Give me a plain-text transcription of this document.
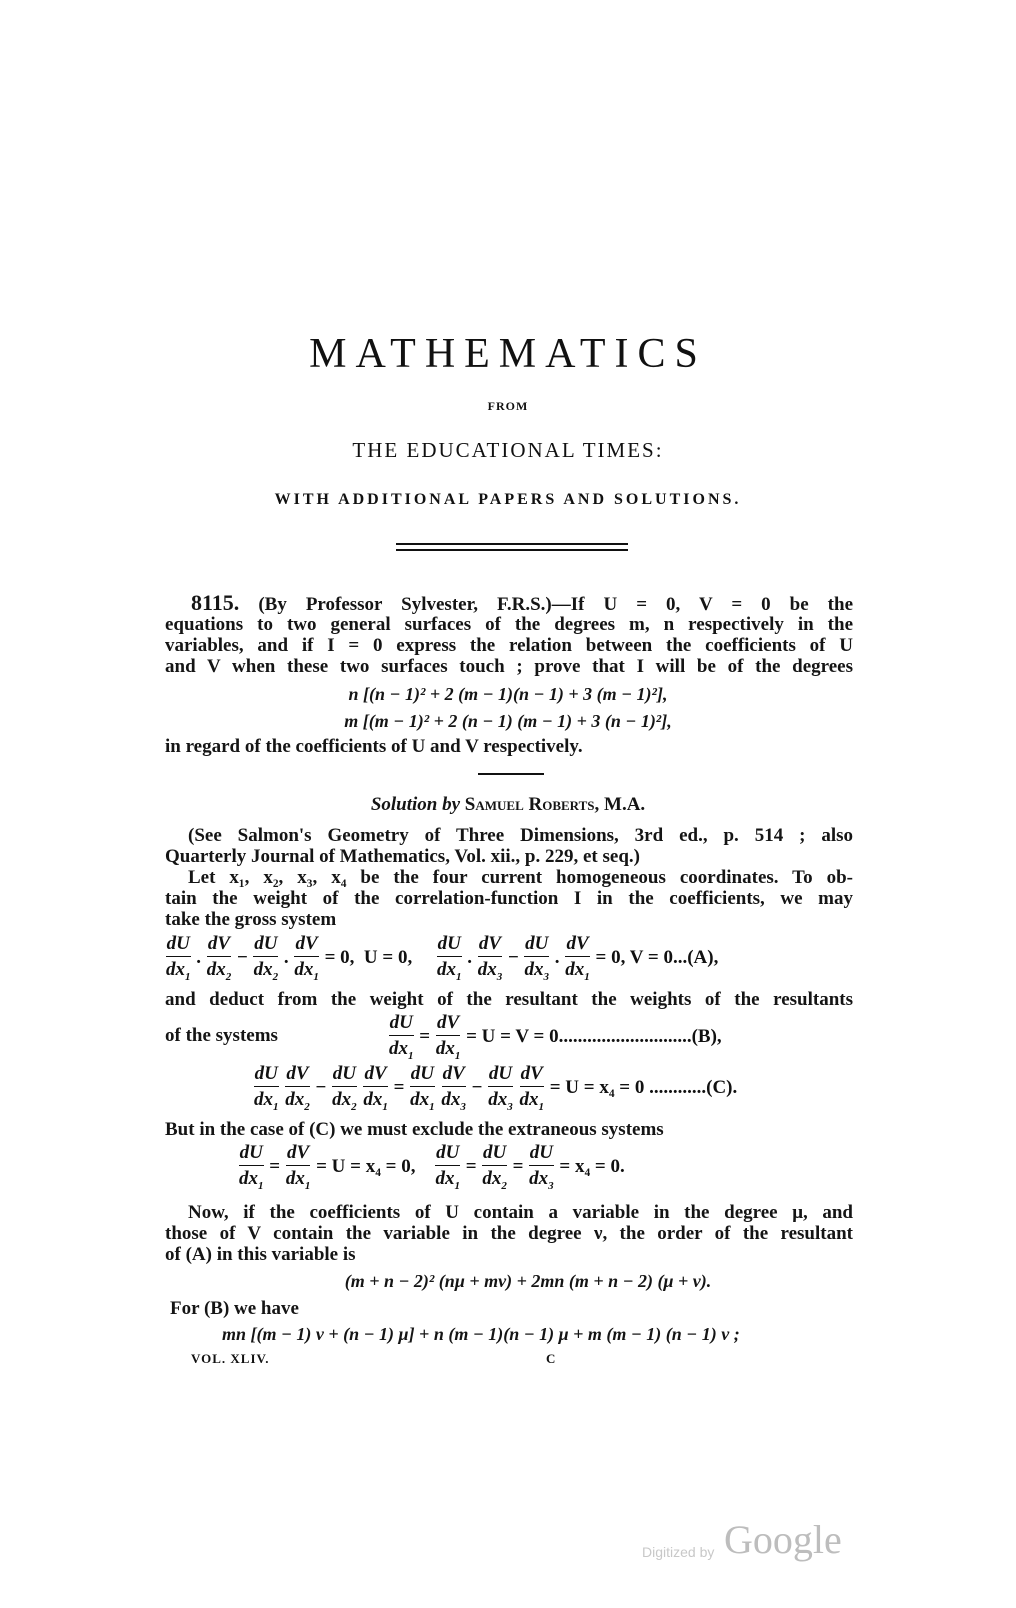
MATHEMATICS
FROM
THE EDUCATIONAL TIMES:
WITH ADDITIONAL PAPERS AND SOLUTIONS.
8115. (By Professor Sylvester, F.R.S.)—If U = 0, V = 0 be the
equations to two general surfaces of the degrees m, n respectively in the
variables, and if I = 0 express the relation between the coefficients of U
and V when these two surfaces touch ; prove that I will be of the degrees
n [(n − 1)² + 2 (m − 1)(n − 1) + 3 (m − 1)²],
m [(m − 1)² + 2 (n − 1) (m − 1) + 3 (n − 1)²],
in regard of the coefficients of U and V respectively.
Solution by Samuel Roberts, M.A.
(See Salmon's Geometry of Three Dimensions, 3rd ed., p. 514 ; also
Quarterly Journal of Mathematics, Vol. xii., p. 229, et seq.)
Let x₁, x₂, x₃, x₄ be the four current homogeneous coordinates. To ob-
tain the weight of the correlation-function I in the coefficients, we may
take the gross system
$\frac{dU}{dx_1}$ . $\frac{dV}{dx_2} - \frac{dU}{dx_2}$ . $\frac{dV}{dx_1} = 0$,  U = 0, $\frac{dU}{dx_1}$ . $\frac{dV}{dx_3} - \frac{dU}{dx_3}$ . $\frac{dV}{dx_1} = 0$, V = 0...(A),
and deduct from the weight of the resultant the weights of the resultants
of the systems	$\frac{dU}{dx_1} = \frac{dV}{dx_1} = U = V = 0............................(B)$,
$\frac{dU}{dx_1}$
$\frac{dV}{dx_2} - \frac{dU}{dx_2}$
$\frac{dV}{dx_1} = \frac{dU}{dx_1}$
$\frac{dV}{dx_3} - \frac{dU}{dx_3}$
$\frac{dV}{dx_1} = U = x_4 = 0$ ............(C).
But in the case of (C) we must exclude the extraneous systems
$\frac{dU}{dx_1} = \frac{dV}{dx_1} = U = x_4 = 0$, $\frac{dU}{dx_1} = \frac{dU}{dx_2} = \frac{dU}{dx_3} = x_4 = 0$.
Now, if the coefficients of U contain a variable in the degree μ, and
those of V contain the variable in the degree ν, the order of the resultant
of (A) in this variable is
(m + n − 2)² (nμ + mν) + 2mn (m + n − 2) (μ + ν).
For (B) we have
mn [(m − 1) ν + (n − 1) μ] + n (m − 1)(n − 1) μ + m (m − 1) (n − 1) ν ;
VOL. XLIV.	C
Digitized by Google
